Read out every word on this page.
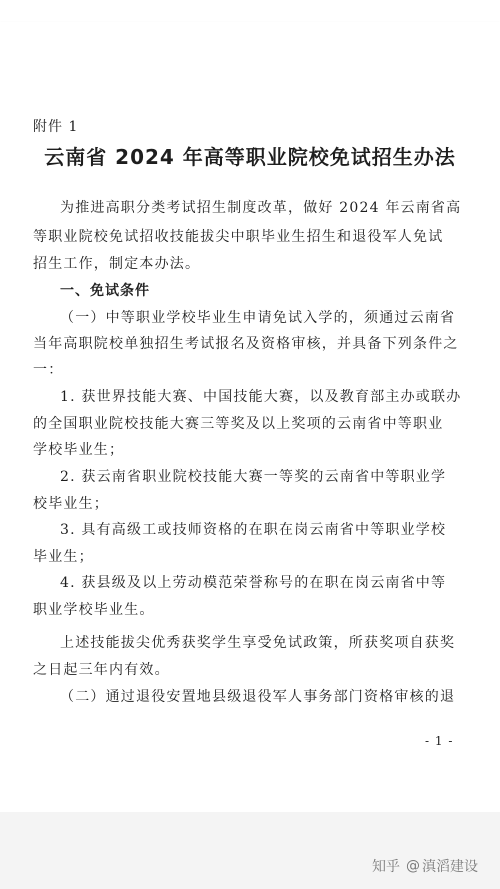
附件 1
云南省 2024 年高等职业院校免试招生办法
为推进高职分类考试招生制度改革，做好 2024 年云南省高
等职业院校免试招收技能拔尖中职毕业生招生和退役军人免试
招生工作，制定本办法。
一、免试条件
（一）中等职业学校毕业生申请免试入学的，须通过云南省
当年高职院校单独招生考试报名及资格审核，并具备下列条件之
一：
1. 获世界技能大赛、中国技能大赛，以及教育部主办或联办
的全国职业院校技能大赛三等奖及以上奖项的云南省中等职业
学校毕业生；
2. 获云南省职业院校技能大赛一等奖的云南省中等职业学
校毕业生；
3. 具有高级工或技师资格的在职在岗云南省中等职业学校
毕业生；
4. 获县级及以上劳动模范荣誉称号的在职在岗云南省中等
职业学校毕业生。
上述技能拔尖优秀获奖学生享受免试政策，所获奖项自获奖
之日起三年内有效。
（二）通过退役安置地县级退役军人事务部门资格审核的退
- 1 -
知乎 @ 滇滔建设
